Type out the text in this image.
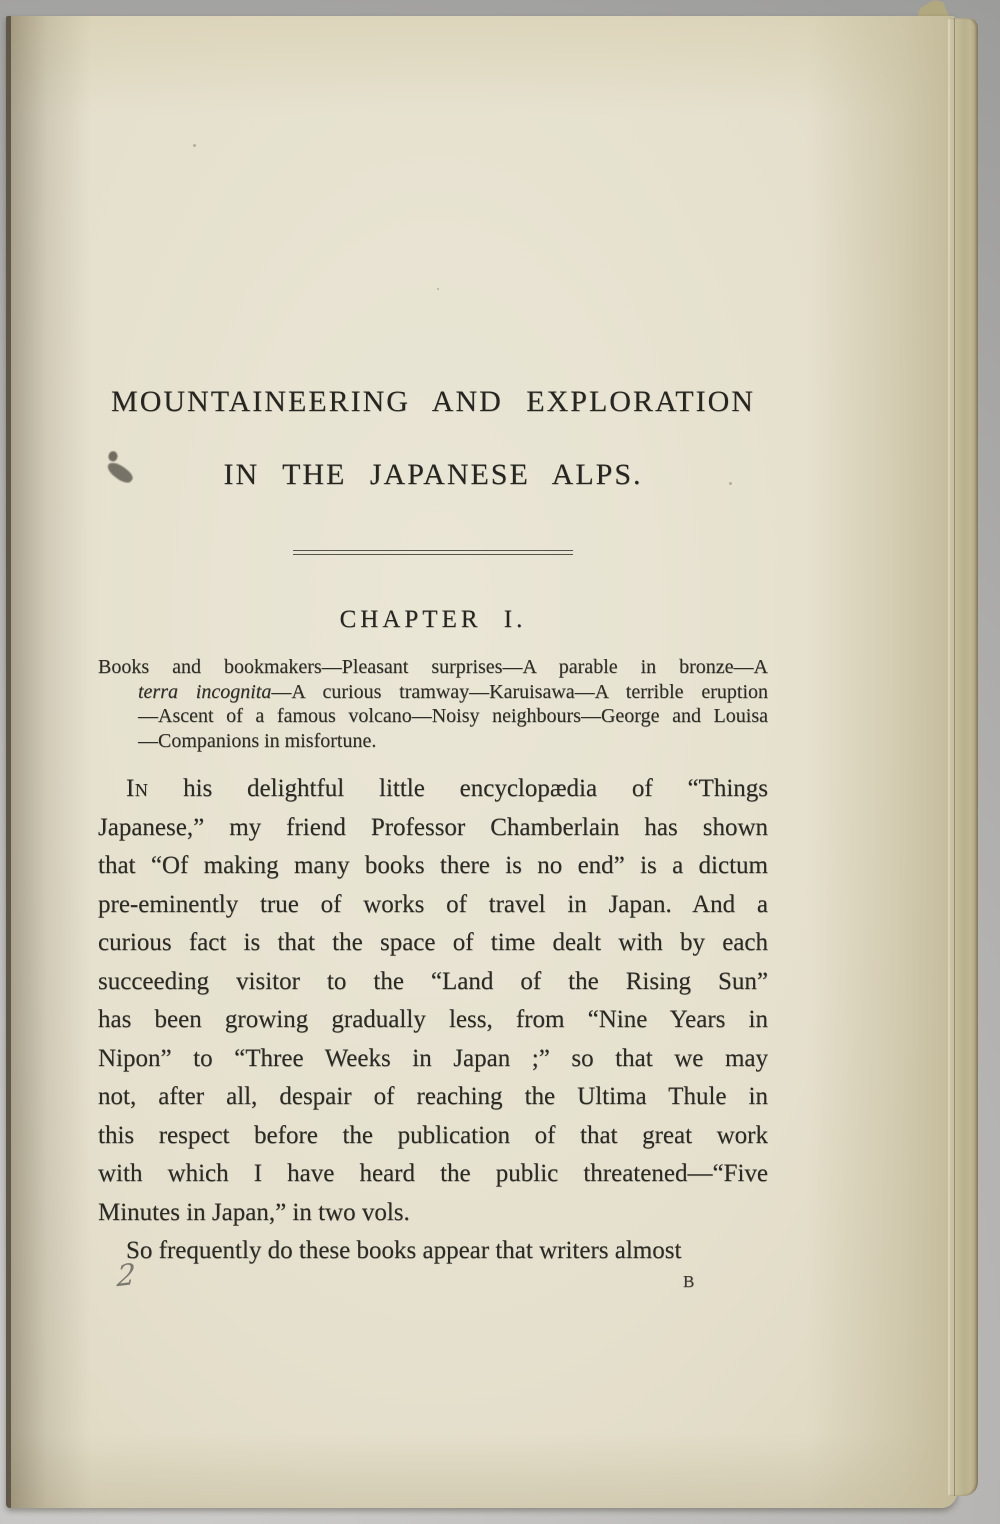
MOUNTAINEERING AND EXPLORATION
IN THE JAPANESE ALPS.
CHAPTER I.
Books and bookmakers—Pleasant surprises—A parable in bronze—A
terra incognita—A curious tramway—Karuisawa—A terrible eruption
—Ascent of a famous volcano—Noisy neighbours—George and Louisa
—Companions in misfortune.
In his delightful little encyclopædia of “Things
Japanese,” my friend Professor Chamberlain has shown
that “Of making many books there is no end” is a dictum
pre-eminently true of works of travel in Japan. And a
curious fact is that the space of time dealt with by each
succeeding visitor to the “Land of the Rising Sun”
has been growing gradually less, from “Nine Years in
Nipon” to “Three Weeks in Japan ;” so that we may
not, after all, despair of reaching the Ultima Thule in
this respect before the publication of that great work
with which I have heard the public threatened—“Five
Minutes in Japan,” in two vols.
So frequently do these books appear that writers almost
2	B
